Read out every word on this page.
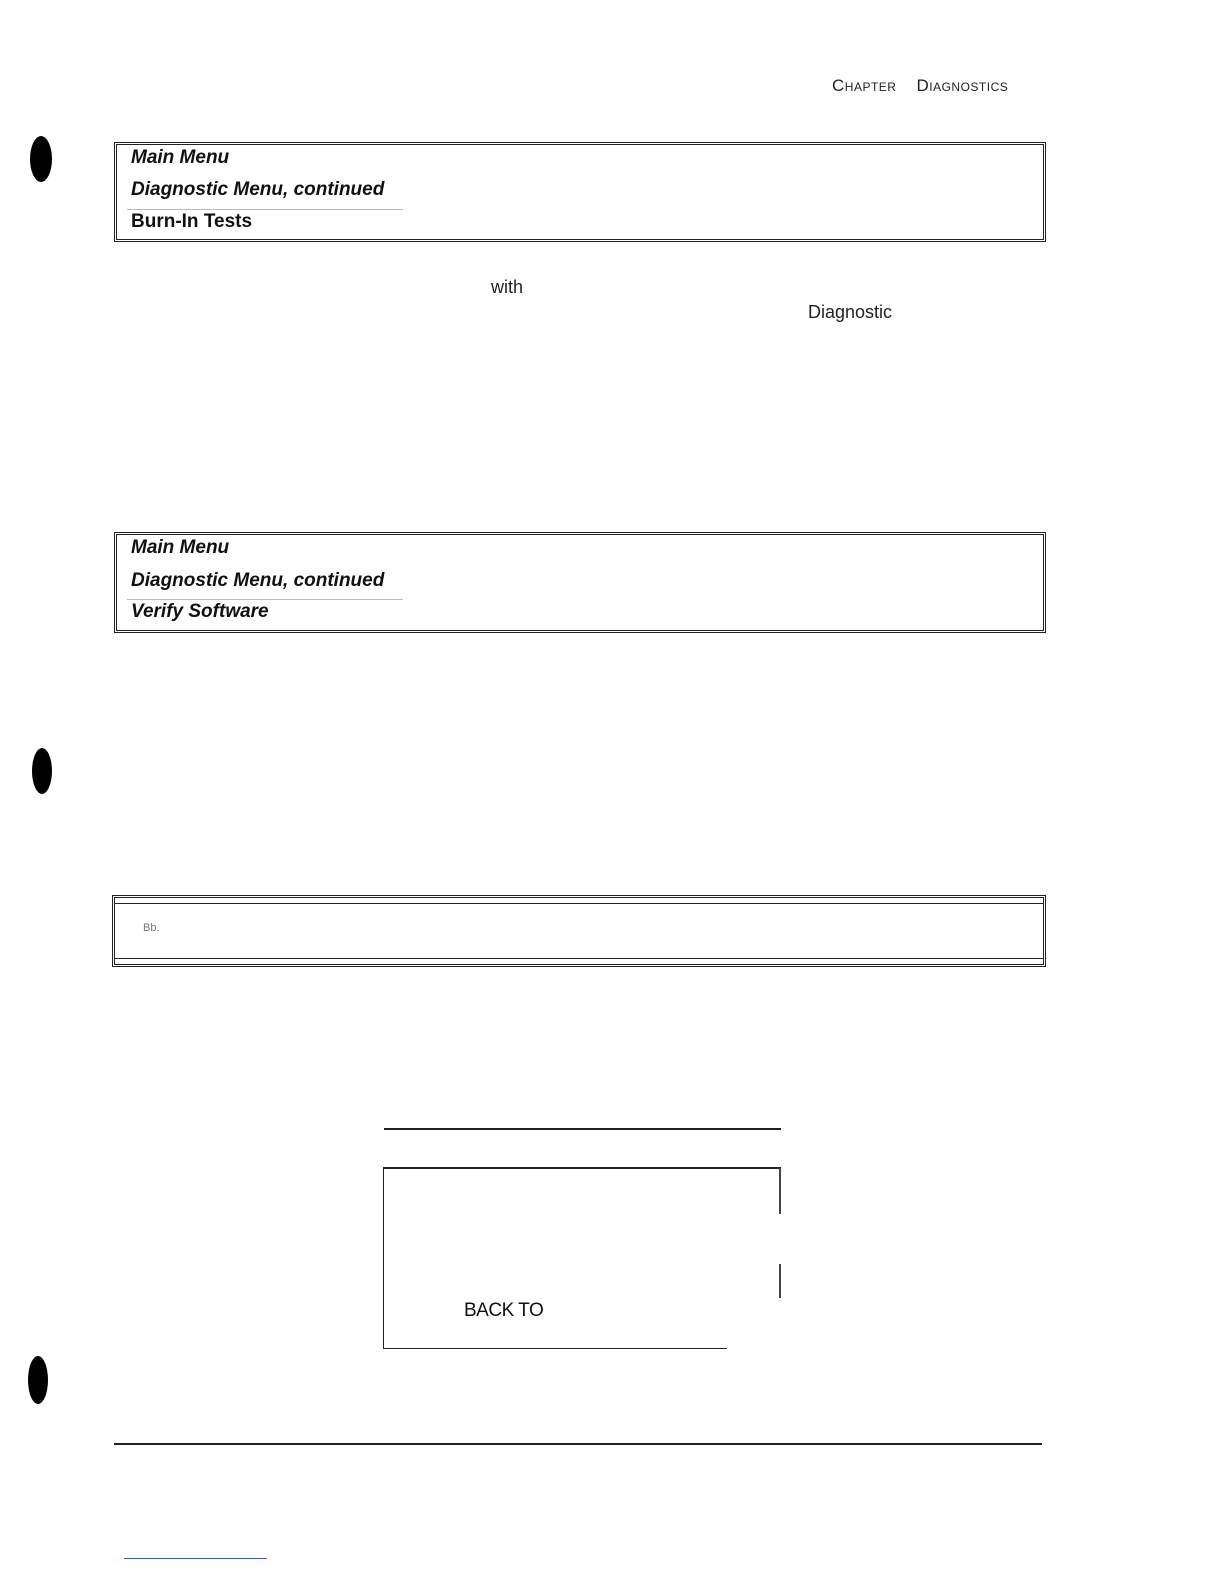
Chapter Diagnostics
Main Menu
Diagnostic Menu, continued
Burn-In Tests
with
Diagnostic
Main Menu
Diagnostic Menu, continued
Verify Software
Bb.
BACK TO
